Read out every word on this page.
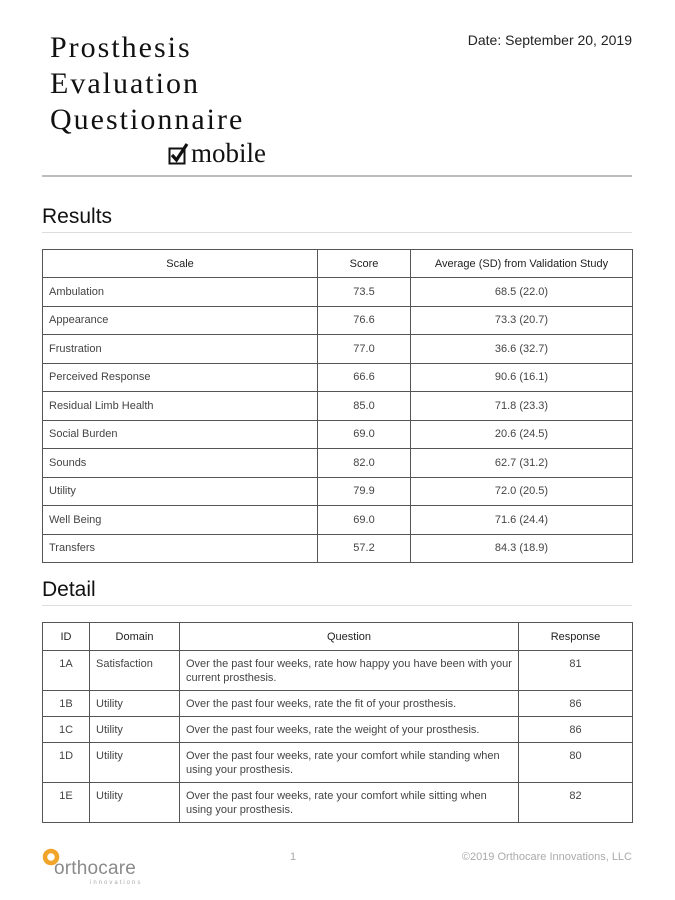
Prosthesis
Evaluation
Questionnaire
mobile
Date: September 20, 2019
Results
Scale	Score	Average (SD) from Validation Study
Ambulation	73.5	68.5 (22.0)
Appearance	76.6	73.3 (20.7)
Frustration	77.0	36.6 (32.7)
Perceived Response	66.6	90.6 (16.1)
Residual Limb Health	85.0	71.8 (23.3)
Social Burden	69.0	20.6 (24.5)
Sounds	82.0	62.7 (31.2)
Utility	79.9	72.0 (20.5)
Well Being	69.0	71.6 (24.4)
Transfers	57.2	84.3 (18.9)
Detail
ID	Domain	Question	Response
1A	Satisfaction	Over the past four weeks, rate how happy you have been with your current prosthesis.	81
1B	Utility	Over the past four weeks, rate the fit of your prosthesis.	86
1C	Utility	Over the past four weeks, rate the weight of your prosthesis.	86
1D	Utility	Over the past four weeks, rate your comfort while standing when using your prosthesis.	80
1E	Utility	Over the past four weeks, rate your comfort while sitting when using your prosthesis.	82
orthocare
innovations
1	©2019 Orthocare Innovations, LLC
